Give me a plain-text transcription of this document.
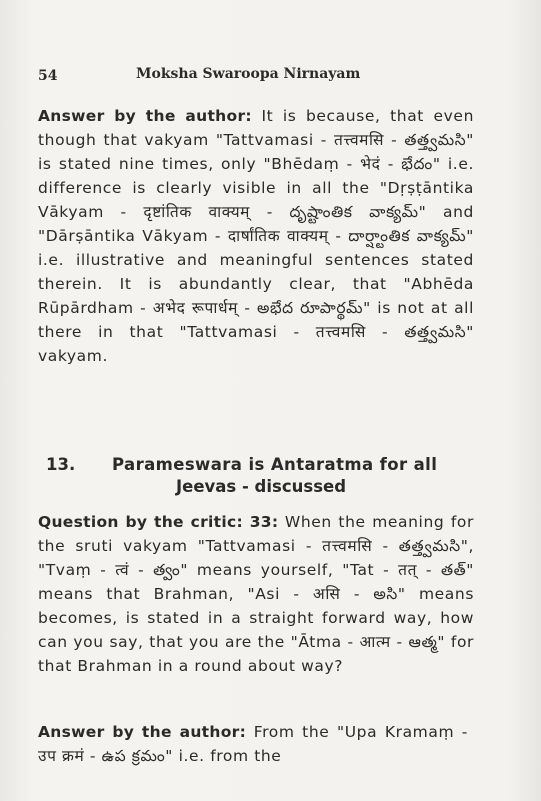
54	Moksha Swaroopa Nirnayam
Answer by the author: It is because, that even though that vakyam "Tattvamasi - तत्त्वमसि - తత్త్వమసి" is stated nine times, only "Bhēdaṃ - भेदं - భేదం" i.e. difference is clearly visible in all the "Dṛṣṭāntika Vākyam - दृष्टांतिक वाक्यम् - దృష్టాంతిక వాక్యమ్" and "Dārṣāntika Vākyam - दार्षांतिक वाक्यम् - దార్ష్టాంతిక వాక్యమ్" i.e. illustrative and meaningful sentences stated therein. It is abundantly clear, that "Abhēda Rūpārdham - अभेद रूपार्धम् - అభేద రూపార్థమ్" is not at all there in that "Tattvamasi - तत्त्वमसि - తత్త్వమసి" vakyam.
13. Parameswara is Antaratma for all
Jeevas - discussed
Question by the critic: 33: When the meaning for the sruti vakyam "Tattvamasi - तत्त्वमसि - తత్త్వమసి", "Tvaṃ - त्वं - త్వం" means yourself, "Tat - तत् - తత్" means that Brahman, "Asi - असि - అసి" means becomes, is stated in a straight forward way, how can you say, that you are the "Ātma - आत्म - ఆత్మ" for that Brahman in a round about way?
Answer by the author: From the "Upa Kramaṃ - उप क्रमं - ఉప క్రమం" i.e. from the
